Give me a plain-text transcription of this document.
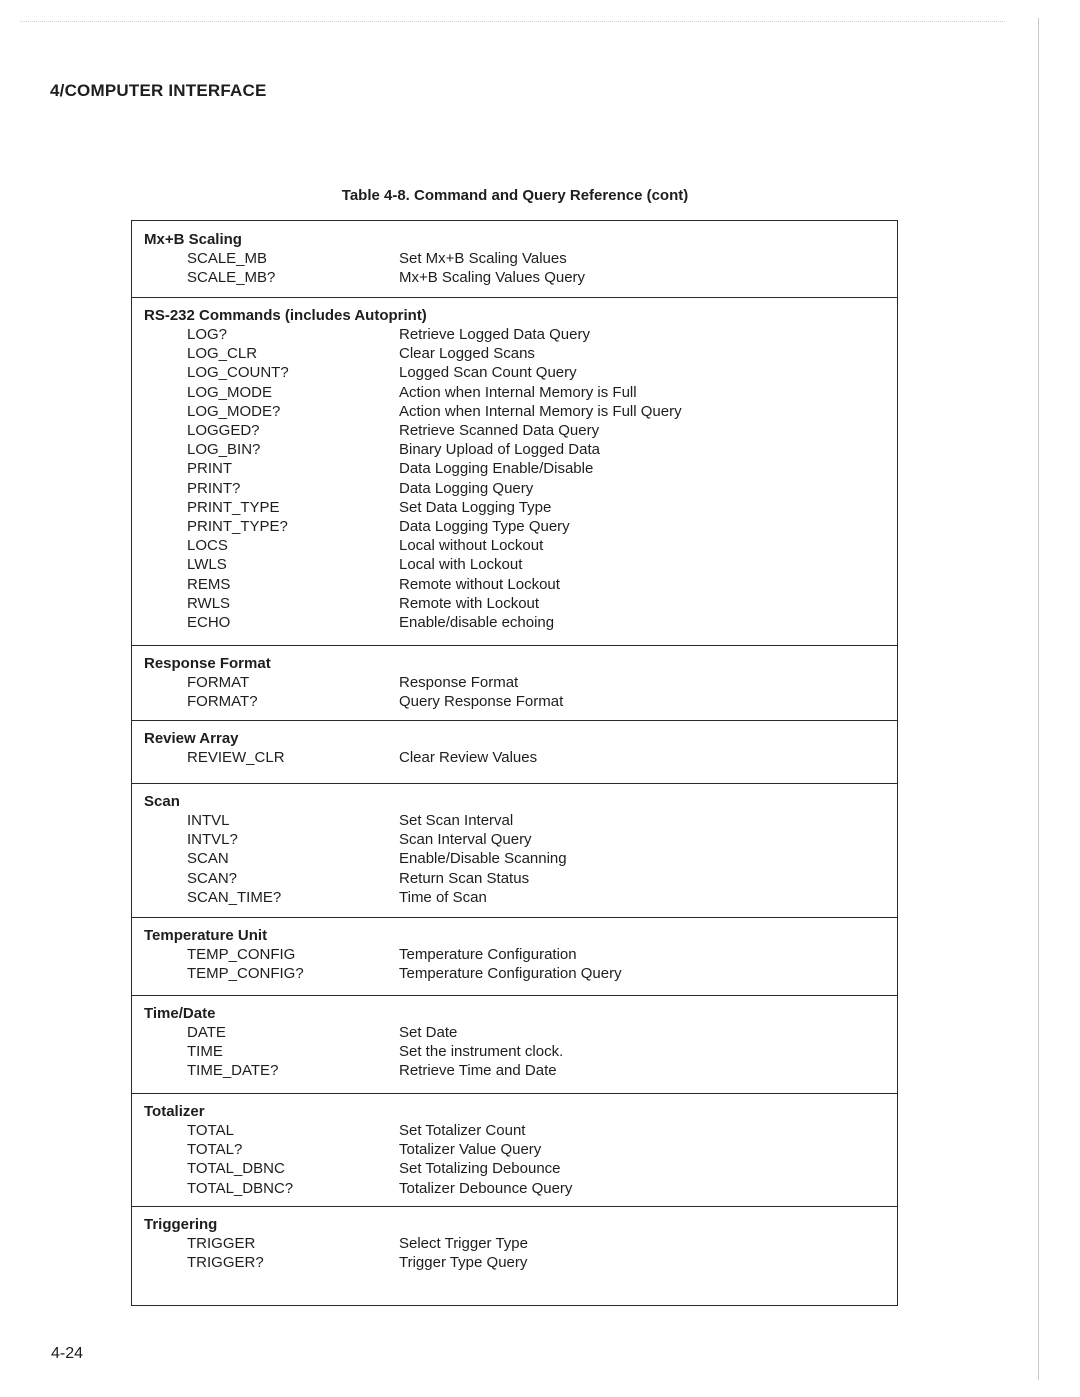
4/COMPUTER INTERFACE
Table 4-8. Command and Query Reference (cont)
Mx+B Scaling
SCALE_MB	Set Mx+B Scaling Values
SCALE_MB?	Mx+B Scaling Values Query
RS-232 Commands (includes Autoprint)
LOG?	Retrieve Logged Data Query
LOG_CLR	Clear Logged Scans
LOG_COUNT?	Logged Scan Count Query
LOG_MODE	Action when Internal Memory is Full
LOG_MODE?	Action when Internal Memory is Full Query
LOGGED?	Retrieve Scanned Data Query
LOG_BIN?	Binary Upload of Logged Data
PRINT	Data Logging Enable/Disable
PRINT?	Data Logging Query
PRINT_TYPE	Set Data Logging Type
PRINT_TYPE?	Data Logging Type Query
LOCS	Local without Lockout
LWLS	Local with Lockout
REMS	Remote without Lockout
RWLS	Remote with Lockout
ECHO	Enable/disable echoing
Response Format
FORMAT	Response Format
FORMAT?	Query Response Format
Review Array
REVIEW_CLR	Clear Review Values
Scan
INTVL	Set Scan Interval
INTVL?	Scan Interval Query
SCAN	Enable/Disable Scanning
SCAN?	Return Scan Status
SCAN_TIME?	Time of Scan
Temperature Unit
TEMP_CONFIG	Temperature Configuration
TEMP_CONFIG?	Temperature Configuration Query
Time/Date
DATE	Set Date
TIME	Set the instrument clock.
TIME_DATE?	Retrieve Time and Date
Totalizer
TOTAL	Set Totalizer Count
TOTAL?	Totalizer Value Query
TOTAL_DBNC	Set Totalizing Debounce
TOTAL_DBNC?	Totalizer Debounce Query
Triggering
TRIGGER	Select Trigger Type
TRIGGER?	Trigger Type Query
4-24
